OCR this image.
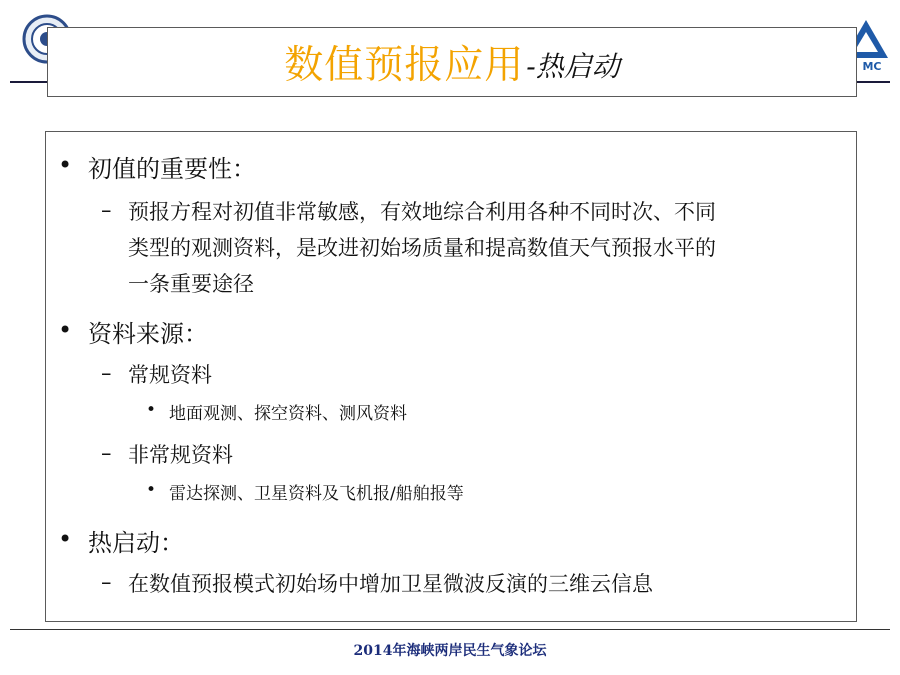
MC
数值预报应用 -热启动
• 初值的重要性：
– 预报方程对初值非常敏感，有效地综合利用各种不同时次、不同
类型的观测资料，是改进初始场质量和提高数值天气预报水平的
一条重要途径
• 资料来源：
– 常规资料
• 地面观测、探空资料、测风资料
– 非常规资料
• 雷达探测、卫星资料及飞机报/船舶报等
• 热启动：
– 在数值预报模式初始场中增加卫星微波反演的三维云信息
2014年海峡两岸民生气象论坛
